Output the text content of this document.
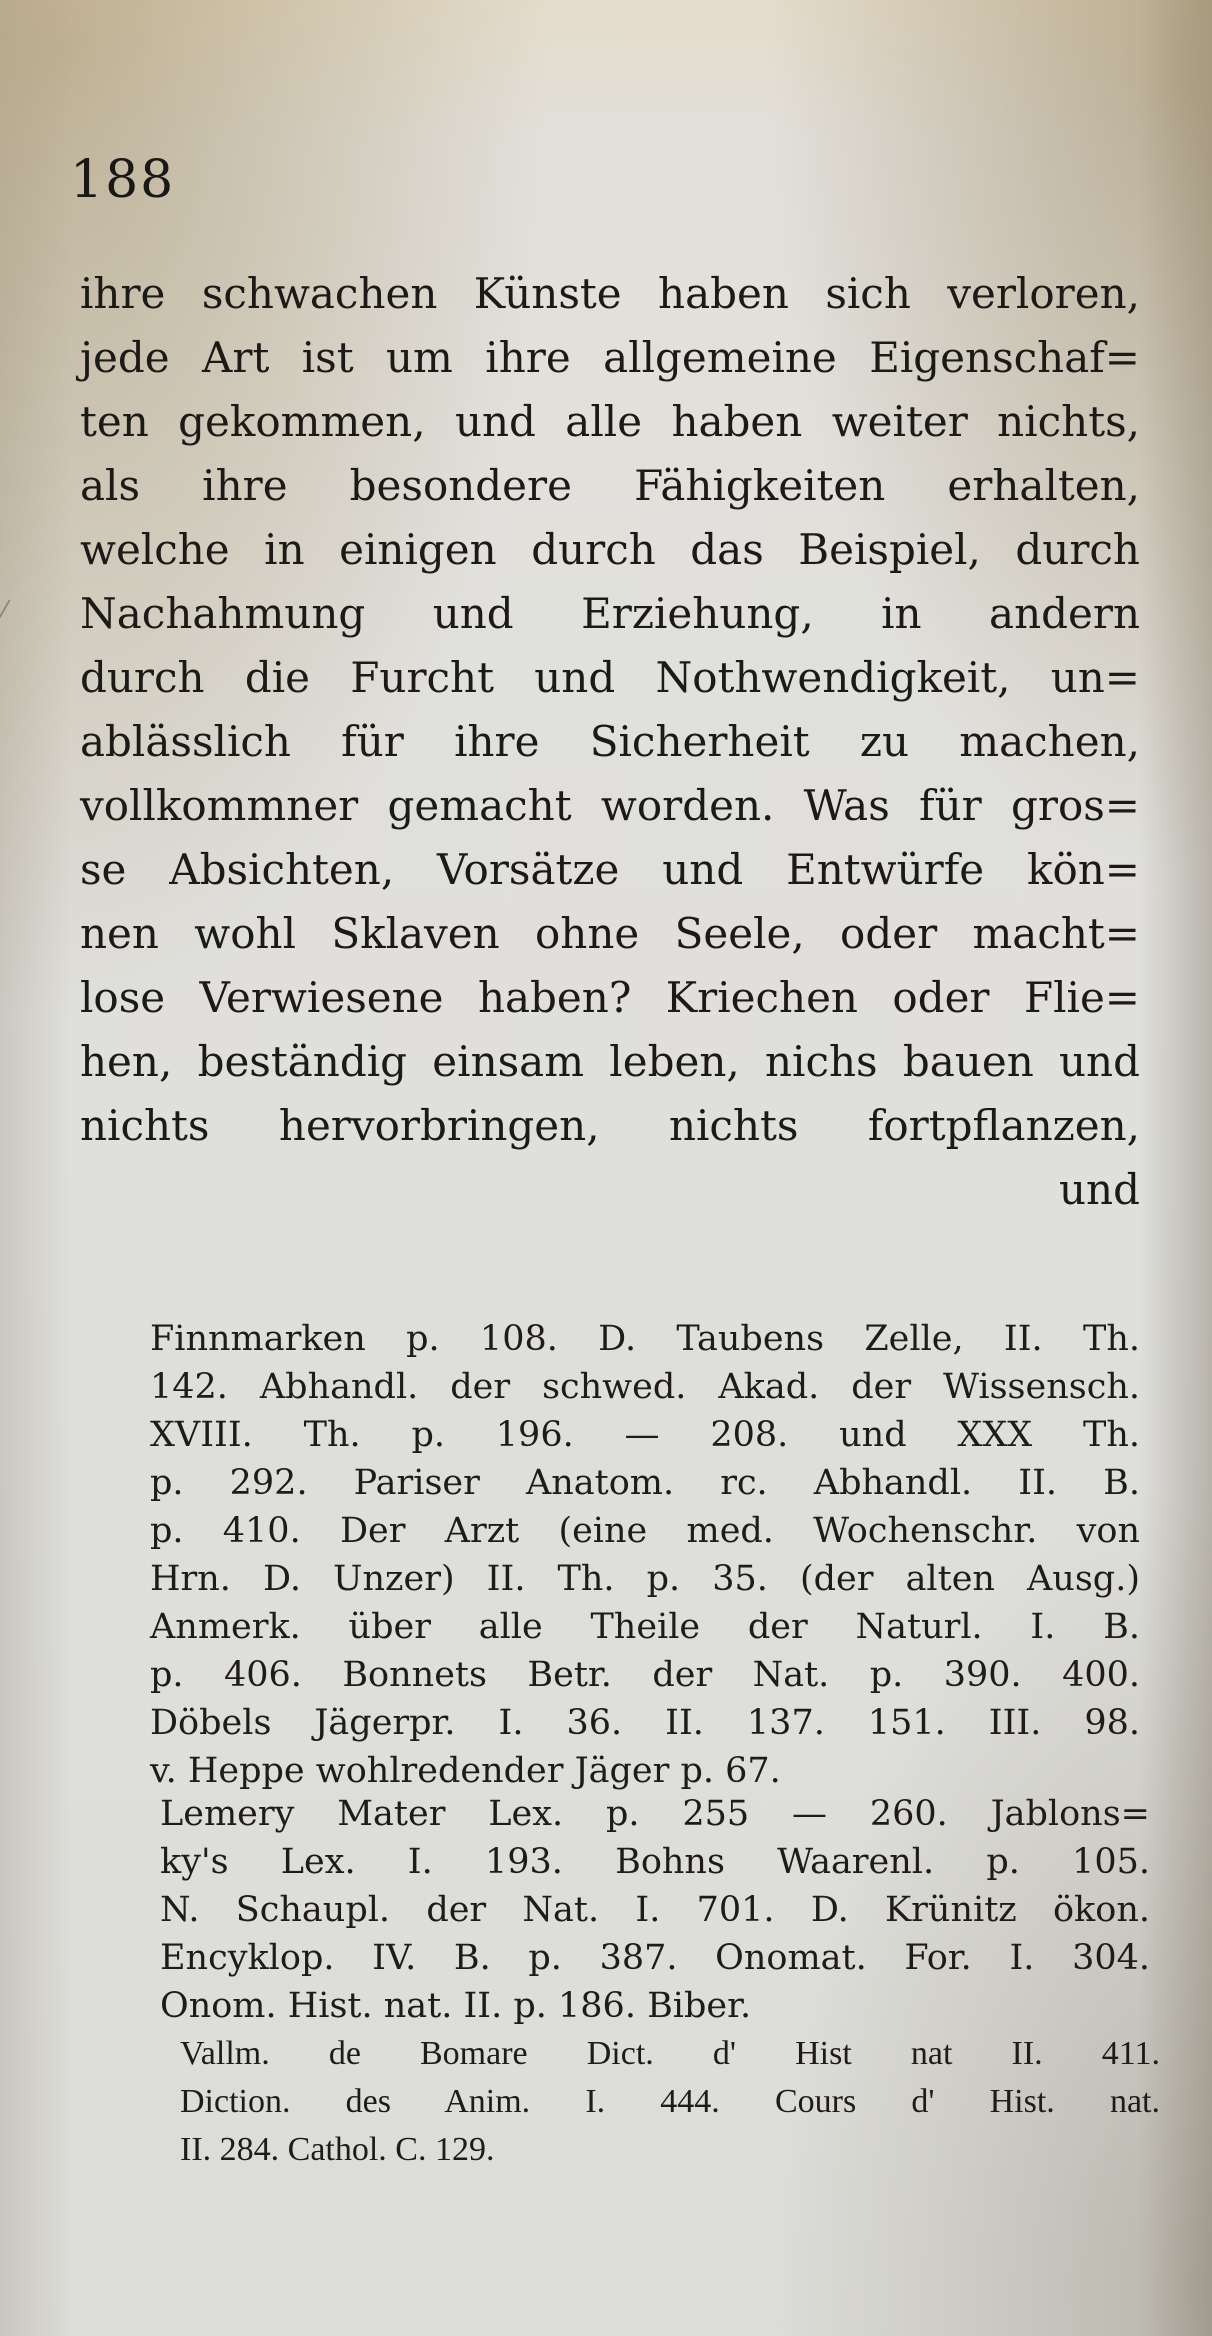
188
ihre schwachen Künste haben sich verloren,
jede Art ist um ihre allgemeine Eigenschaf=
ten gekommen, und alle haben weiter nichts,
als ihre besondere Fähigkeiten erhalten,
welche in einigen durch das Beispiel, durch
Nachahmung und Erziehung, in andern
durch die Furcht und Nothwendigkeit, un=
ablässlich für ihre Sicherheit zu machen,
vollkommner gemacht worden. Was für gros=
se Absichten, Vorsätze und Entwürfe kön=
nen wohl Sklaven ohne Seele, oder macht=
lose Verwiesene haben? Kriechen oder Flie=
hen, beständig einsam leben, nichs bauen und
nichts hervorbringen, nichts fortpflanzen,
und
Finnmarken p. 108. D. Taubens Zelle, II. Th.
142. Abhandl. der schwed. Akad. der Wissensch.
XVIII. Th. p. 196. — 208. und XXX Th.
p. 292. Pariser Anatom. rc. Abhandl. II. B.
p. 410. Der Arzt (eine med. Wochenschr. von
Hrn. D. Unzer) II. Th. p. 35. (der alten Ausg.)
Anmerk. über alle Theile der Naturl. I. B.
p. 406. Bonnets Betr. der Nat. p. 390. 400.
Döbels Jägerpr. I. 36. II. 137. 151. III. 98.
v. Heppe wohlredender Jäger p. 67.
Lemery Mater Lex. p. 255 — 260. Jablons=
ky's Lex. I. 193. Bohns Waarenl. p. 105.
N. Schaupl. der Nat. I. 701. D. Krünitz ökon.
Encyklop. IV. B. p. 387. Onomat. For. I. 304.
Onom. Hist. nat. II. p. 186. Biber.
Vallm. de Bomare Dict. d' Hist nat II. 411.
Diction. des Anim. I. 444. Cours d' Hist. nat.
II. 284. Cathol. C. 129.
